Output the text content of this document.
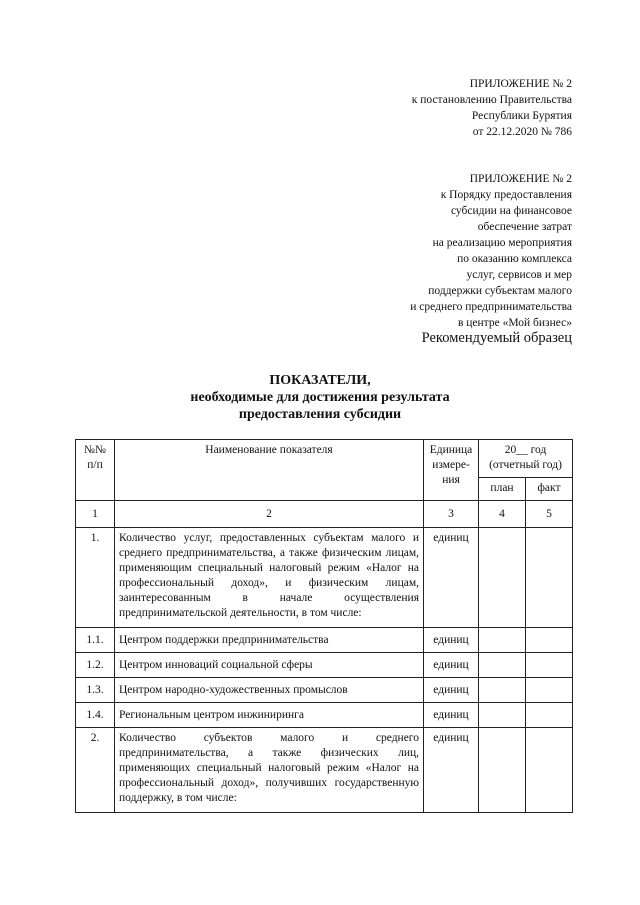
ПРИЛОЖЕНИЕ № 2
к постановлению Правительства
Республики Бурятия
от 22.12.2020 № 786
ПРИЛОЖЕНИЕ № 2
к Порядку предоставления
субсидии на финансовое
обеспечение затрат
на реализацию мероприятия
по оказанию комплекса
услуг, сервисов и мер
поддержки субъектам малого
и среднего предпринимательства
в центре «Мой бизнес»
Рекомендуемый образец
ПОКАЗАТЕЛИ,
необходимые для достижения результата
предоставления субсидии
№№ п/п	Наименование показателя	Единица измере-ния	20__ год (отчетный год)	
			план	факт
1	2	3	4	5
1.	Количество услуг, предоставленных субъектам малого и среднего предпринимательства, а также физическим лицам, применяющим специальный налоговый режим «Налог на профессиональный доход», и физическим лицам, заинтересованным в начале осуществления предпринимательской деятельности, в том числе:	единиц		
1.1.	Центром поддержки предпринимательства	единиц		
1.2.	Центром инноваций социальной сферы	единиц		
1.3.	Центром народно-художественных промыслов	единиц		
1.4.	Региональным центром инжиниринга	единиц		
2.	Количество субъектов малого и среднего предпринимательства, а также физических лиц, применяющих специальный налоговый режим «Налог на профессиональный доход», получивших государственную поддержку, в том числе:	единиц		
